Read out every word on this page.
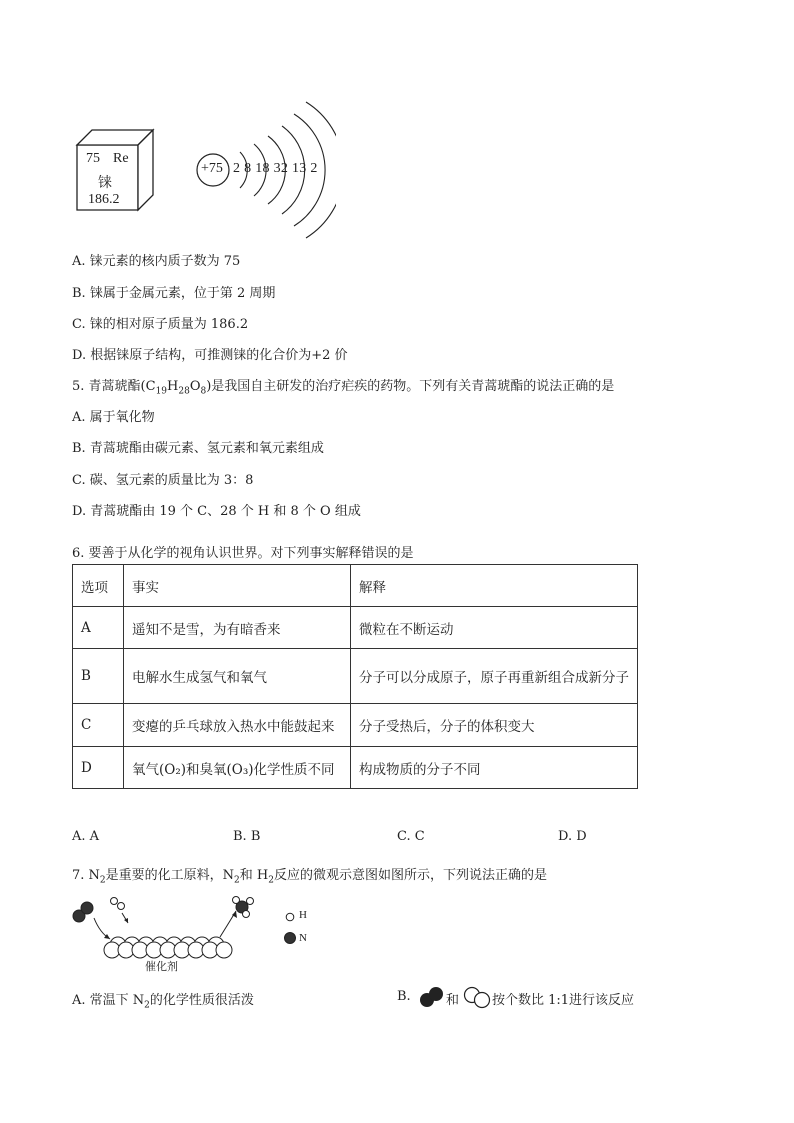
75 Re
铼
186.2
+75 2 8 18 32 13 2
A. 铼元素的核内质子数为 75
B. 铼属于金属元素，位于第 2 周期
C. 铼的相对原子质量为 186.2
D. 根据铼原子结构，可推测铼的化合价为+2 价
5. 青蒿琥酯$(C_{19}H_{28}O_8)$是我国自主研发的治疗疟疾的药物。下列有关青蒿琥酯的说法正确的是
A. 属于氧化物
B. 青蒿琥酯由碳元素、氢元素和氧元素组成
C. 碳、氢元素的质量比为 3：8
D. 青蒿琥酯由 19 个 C、28 个 H 和 8 个 O 组成
6. 要善于从化学的视角认识世界。对下列事实解释错误的是
选项	事实	解释
A	遥知不是雪，为有暗香来	微粒在不断运动
B	电解水生成氢气和氧气	分子可以分成原子，原子再重新组合成新分子
C	变瘪的乒乓球放入热水中能鼓起来	分子受热后，分子的体积变大
D	氧气(O₂)和臭氧(O₃)化学性质不同	构成物质的分子不同
A. A	B. B	C. C	D. D
7. $N_2$是重要的化工原料，$N_2$和 $H_2$反应的微观示意图如图所示，下列说法正确的是
催化剂
H
N
A. 常温下 $N_2$的化学性质很活泼	B.	和	按个数比 1:1进行该反应
